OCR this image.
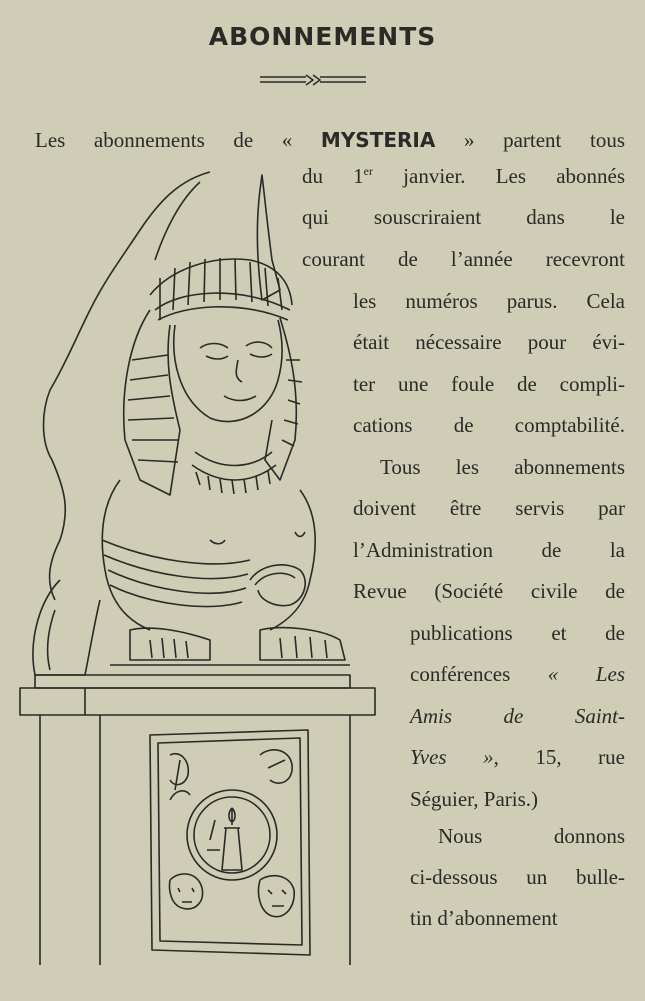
ABONNEMENTS
Les abonnements de « MYSTERIA » partent tous
du 1er janvier. Les abonnés
qui souscriraient dans le
courant de l’année recevront
les numéros parus. Cela
était nécessaire pour évi-
ter une foule de compli-
cations de comptabilité.
Tous les abonnements
doivent être servis par
l’Administration de la
Revue (Société civile de
publications et de
conférences « Les
Amis de Saint-
Yves », 15, rue
Séguier, Paris.)
Nous donnons
ci-dessous un bulle-
tin d’abonnement
